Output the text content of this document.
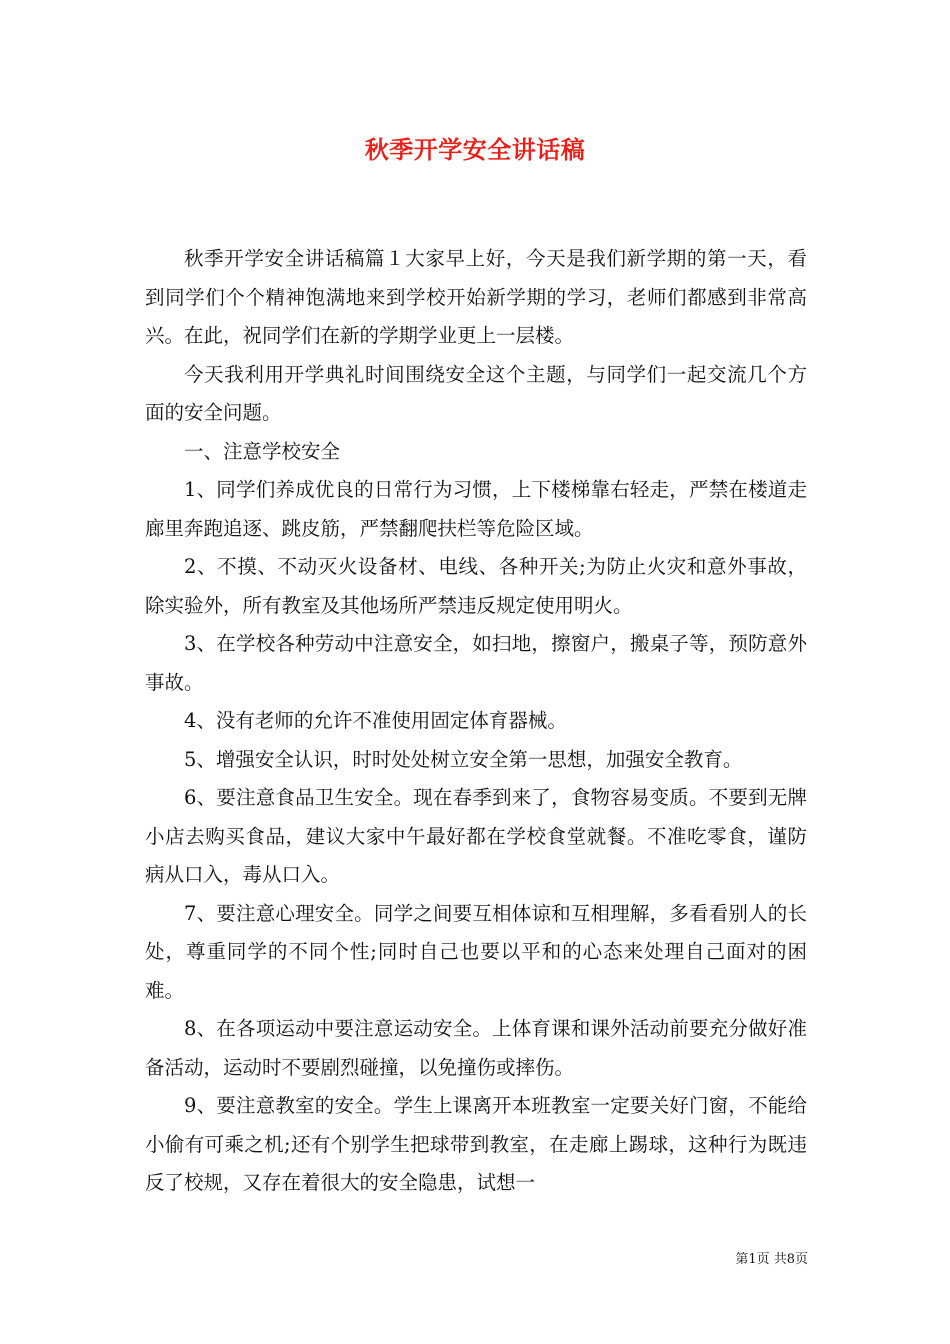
秋季开学安全讲话稿

秋季开学安全讲话稿篇１大家早上好，今天是我们新学期的第一天，看到同学们个个精神饱满地来到学校开始新学期的学习，老师们都感到非常高兴。在此，祝同学们在新的学期学业更上一层楼。

今天我利用开学典礼时间围绕安全这个主题，与同学们一起交流几个方面的安全问题。

一、注意学校安全

1、同学们养成优良的日常行为习惯，上下楼梯靠右轻走，严禁在楼道走廊里奔跑追逐、跳皮筋，严禁翻爬扶栏等危险区域。

2、不摸、不动灭火设备材、电线、各种开关;为防止火灾和意外事故，除实验外，所有教室及其他场所严禁违反规定使用明火。

3、在学校各种劳动中注意安全，如扫地，擦窗户，搬桌子等，预防意外事故。

4、没有老师的允许不准使用固定体育器械。

5、增强安全认识，时时处处树立安全第一思想，加强安全教育。

6、要注意食品卫生安全。现在春季到来了，食物容易变质。不要到无牌小店去购买食品，建议大家中午最好都在学校食堂就餐。不准吃零食，谨防病从口入，毒从口入。

7、要注意心理安全。同学之间要互相体谅和互相理解，多看看别人的长处，尊重同学的不同个性;同时自己也要以平和的心态来处理自己面对的困难。

8、在各项运动中要注意运动安全。上体育课和课外活动前要充分做好准备活动，运动时不要剧烈碰撞，以免撞伤或摔伤。

9、要注意教室的安全。学生上课离开本班教室一定要关好门窗，不能给小偷有可乘之机;还有个别学生把球带到教室，在走廊上踢球，这种行为既违反了校规，又存在着很大的安全隐患，试想一

第1页 共8页
